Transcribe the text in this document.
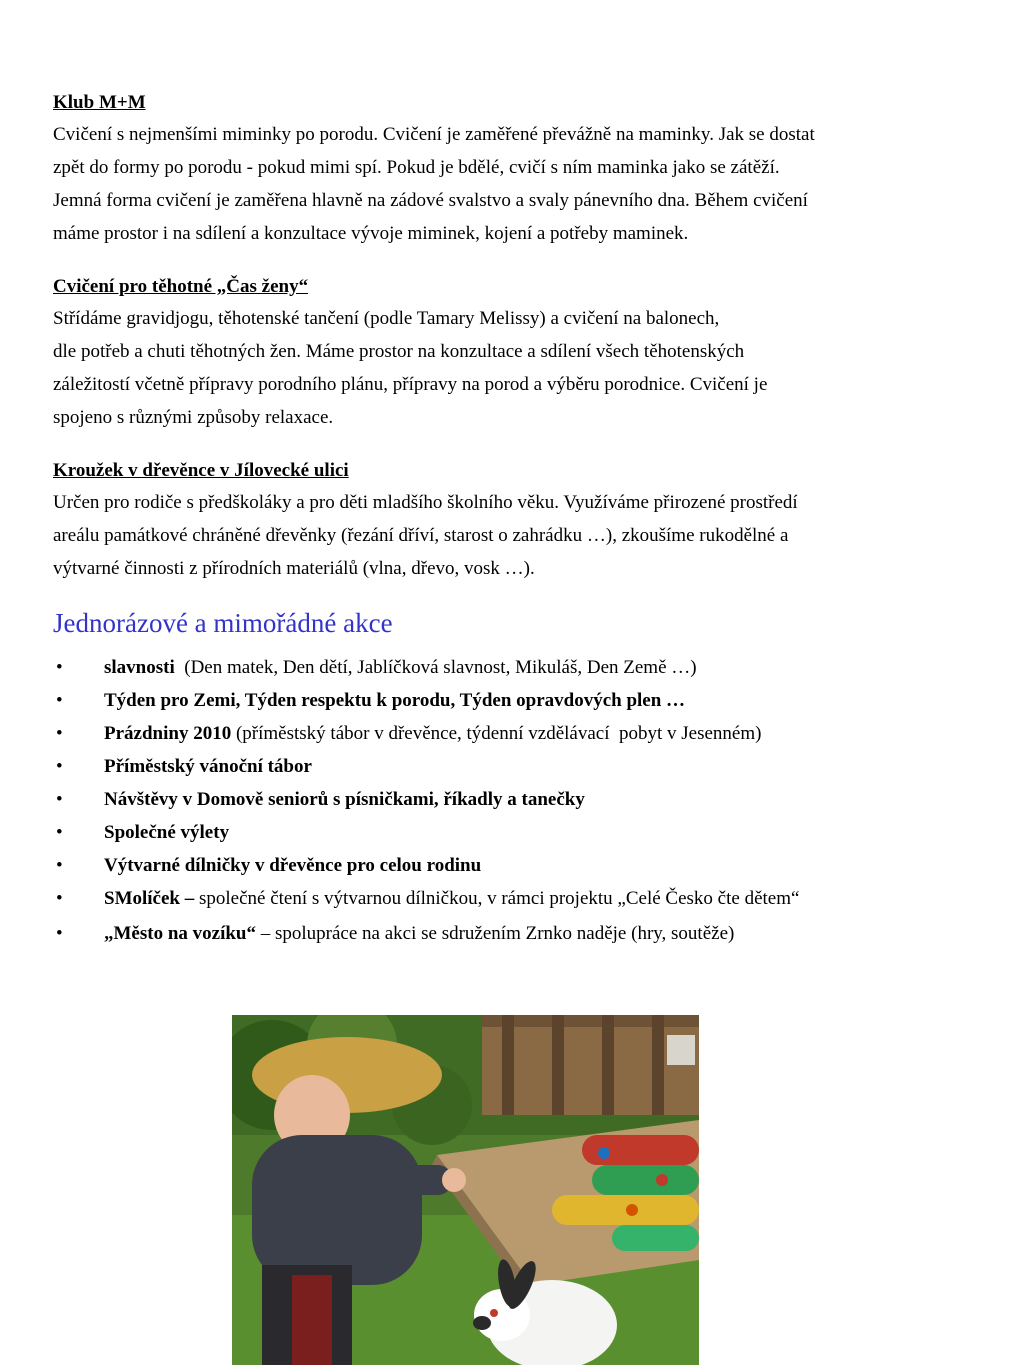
Klub M+M
Cvičení s nejmenšími miminky po porodu. Cvičení je zaměřené převážně na maminky. Jak se dostat
zpět do formy po porodu - pokud mimi spí. Pokud je bdělé, cvičí s ním maminka jako se zátěží.
Jemná forma cvičení je zaměřena hlavně na zádové svalstvo a svaly pánevního dna. Během cvičení
máme prostor i na sdílení a konzultace vývoje miminek, kojení a potřeby maminek.
Cvičení pro těhotné „Čas ženy“
Střídáme gravidjogu, těhotenské tančení (podle Tamary Melissy) a cvičení na balonech,
dle potřeb a chuti těhotných žen. Máme prostor na konzultace a sdílení všech těhotenských
záležitostí včetně přípravy porodního plánu, přípravy na porod a výběru porodnice. Cvičení je
spojeno s různými způsoby relaxace.
Kroužek v dřevěnce v Jílovecké ulici
Určen pro rodiče s předškoláky a pro děti mladšího školního věku. Využíváme přirozené prostředí
areálu památkové chráněné dřevěnky (řezání dříví, starost o zahrádku …), zkoušíme rukodělné a
výtvarné činnosti z přírodních materiálů (vlna, dřevo, vosk …).
Jednorázové a mimořádné akce
• slavnosti  (Den matek, Den dětí, Jablíčková slavnost, Mikuláš, Den Země …)
• Týden pro Zemi, Týden respektu k porodu, Týden opravdových plen …
• Prázdniny 2010 (příměstský tábor v dřevěnce, týdenní vzdělávací  pobyt v Jesenném)
• Příměstský vánoční tábor
• Návštěvy v Domově seniorů s písničkami, říkadly a tanečky
• Společné výlety
• Výtvarné dílničky v dřevěnce pro celou rodinu
• SMolíček – společné čtení s výtvarnou dílničkou, v rámci projektu „Celé Česko čte dětem“
• „Město na vozíku“ – spolupráce na akci se sdružením Zrnko naděje (hry, soutěže)
